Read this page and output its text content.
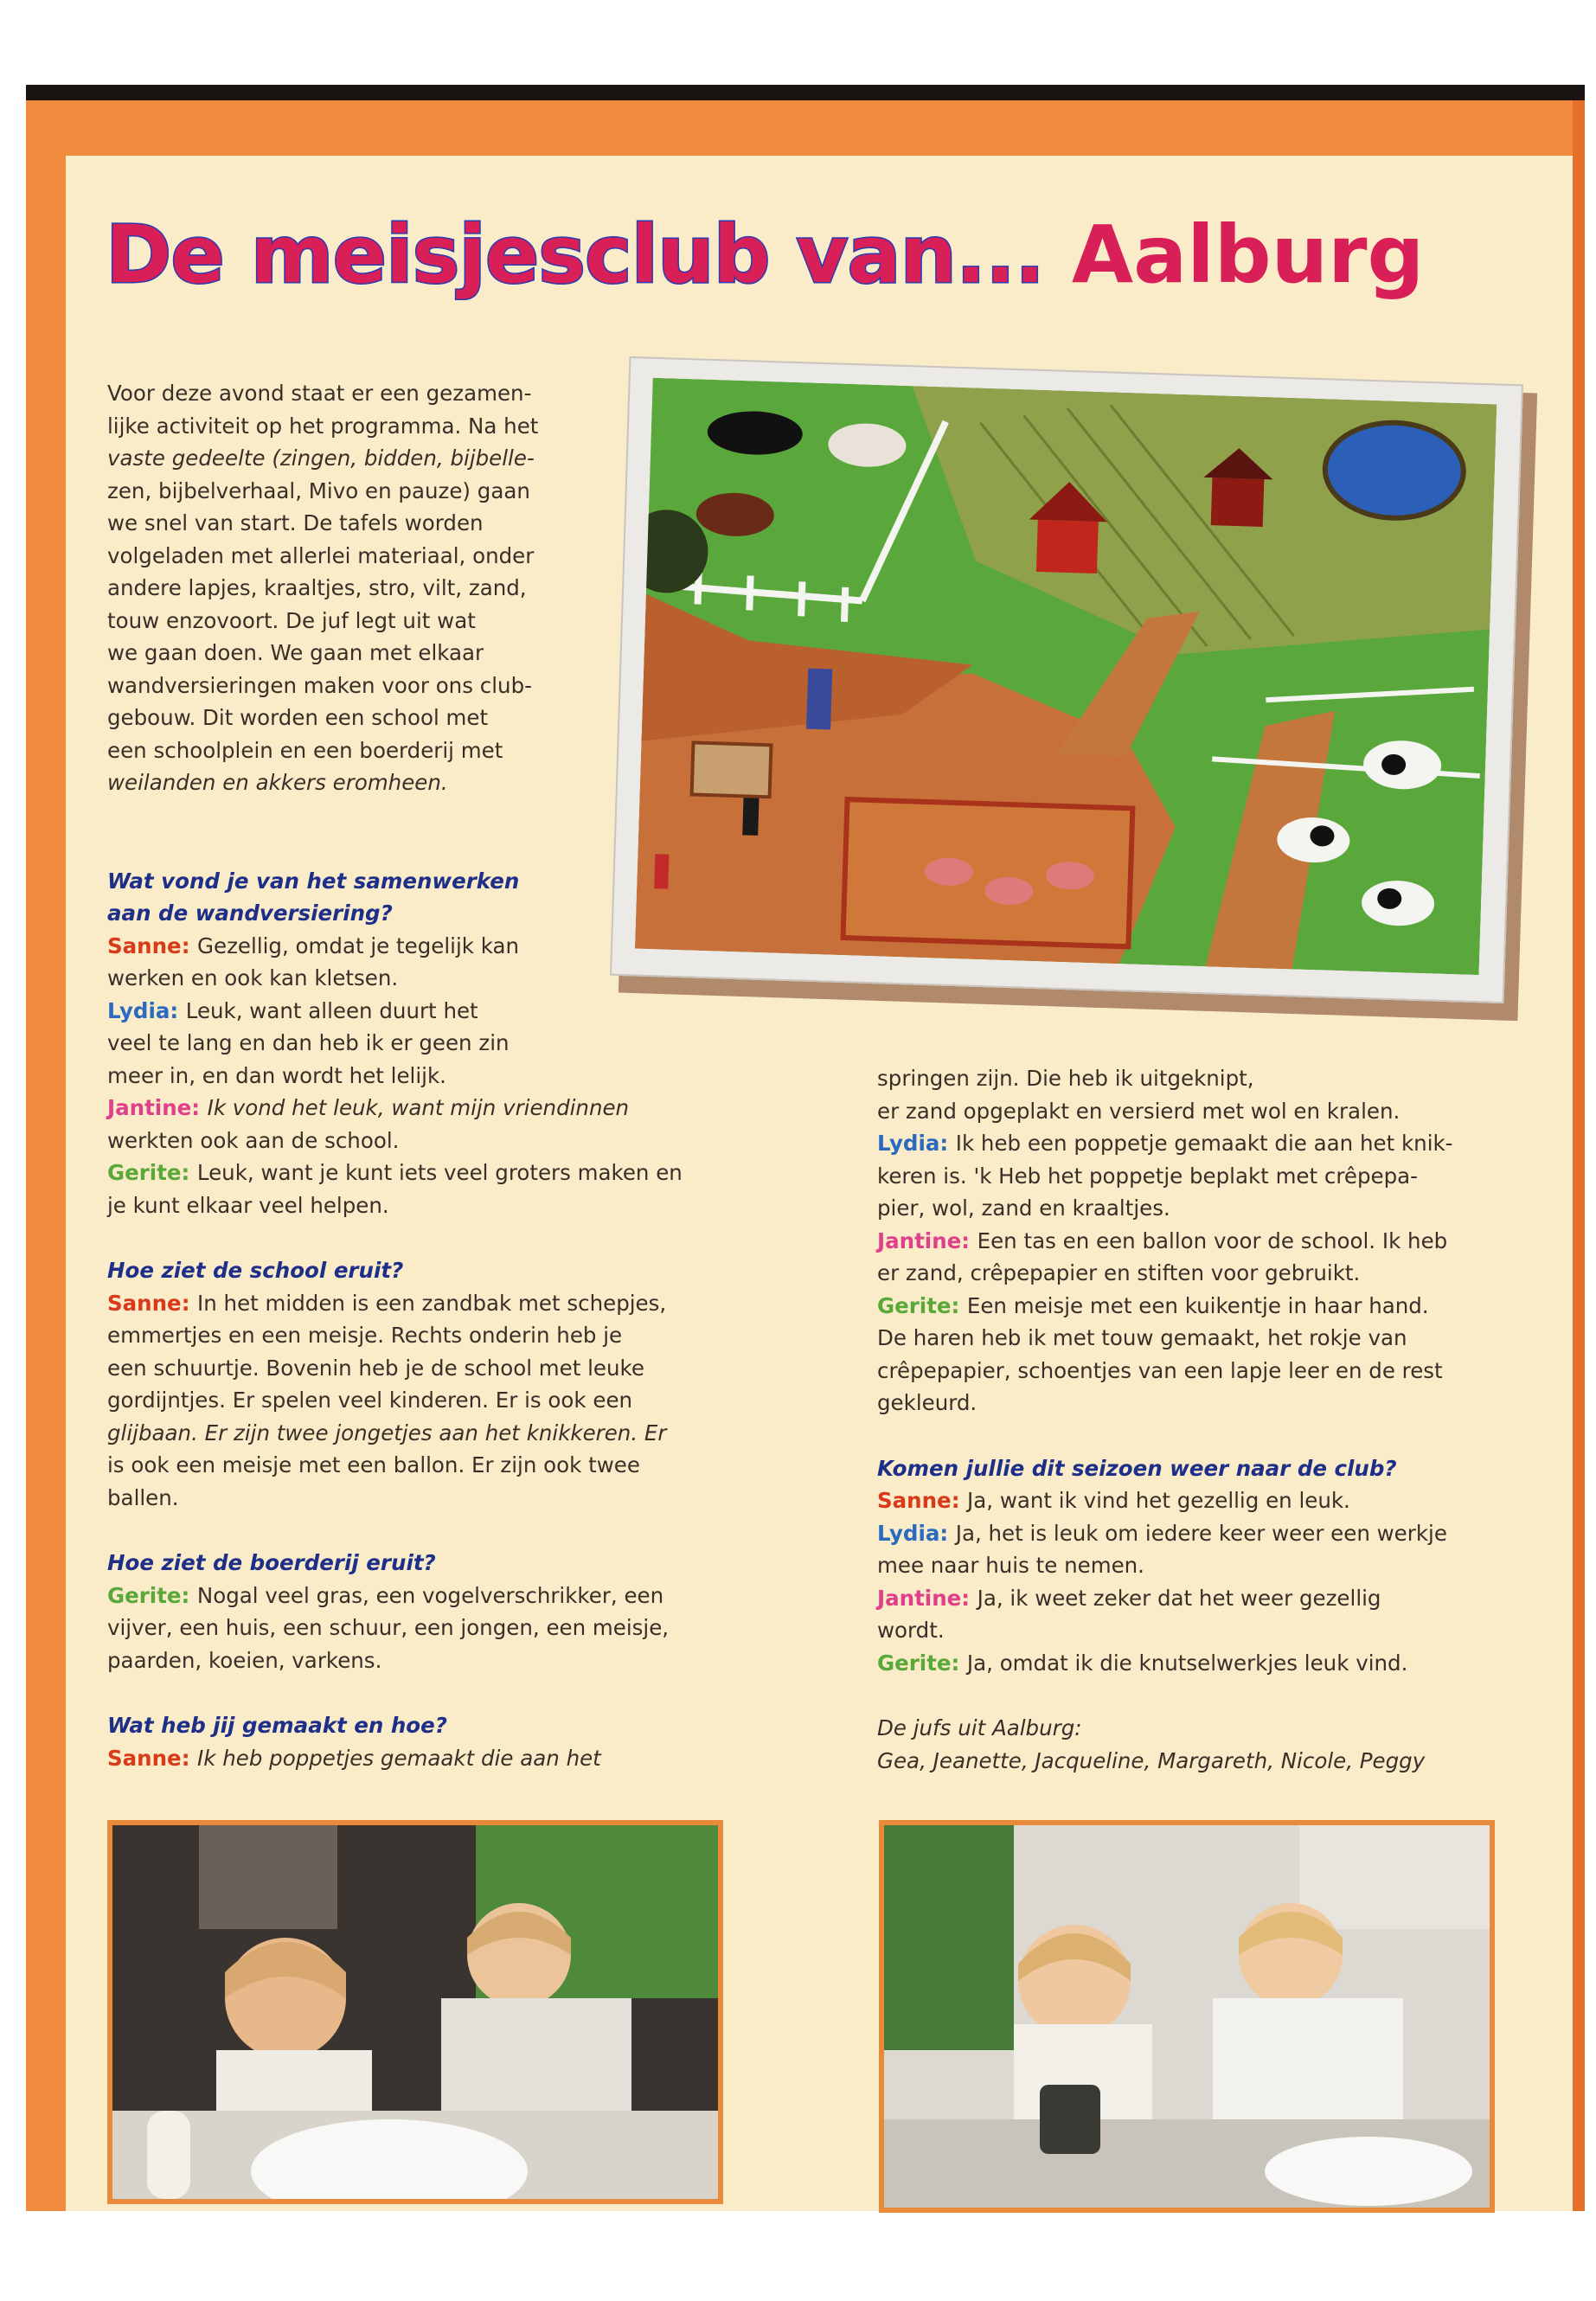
De meisjesclub van... Aalburg

Voor deze avond staat er een gezamen-

lijke activiteit op het programma. Na het

vaste gedeelte (zingen, bidden, bijbelle-

zen, bijbelverhaal, Mivo en pauze) gaan

we snel van start. De tafels worden

volgeladen met allerlei materiaal, onder

andere lapjes, kraaltjes, stro, vilt, zand,

touw enzovoort. De juf legt uit wat

we gaan doen. We gaan met elkaar

wandversieringen maken voor ons club-

gebouw. Dit worden een school met

een schoolplein en een boerderij met

weilanden en akkers eromheen.

Wat vond je van het samenwerken

aan de wandversiering?

Sanne: Gezellig, omdat je tegelijk kan

werken en ook kan kletsen.

Lydia: Leuk, want alleen duurt het

veel te lang en dan heb ik er geen zin

meer in, en dan wordt het lelijk.

Jantine: Ik vond het leuk, want mijn vriendinnen

werkten ook aan de school.

Gerite: Leuk, want je kunt iets veel groters maken en

je kunt elkaar veel helpen.

Hoe ziet de school eruit?

Sanne: In het midden is een zandbak met schepjes,

emmertjes en een meisje. Rechts onderin heb je

een schuurtje. Bovenin heb je de school met leuke

gordijntjes. Er spelen veel kinderen. Er is ook een

glijbaan. Er zijn twee jongetjes aan het knikkeren. Er

is ook een meisje met een ballon. Er zijn ook twee

ballen.

Hoe ziet de boerderij eruit?

Gerite: Nogal veel gras, een vogelverschrikker, een

vijver, een huis, een schuur, een jongen, een meisje,

paarden, koeien, varkens.

Wat heb jij gemaakt en hoe?

Sanne: Ik heb poppetjes gemaakt die aan het

springen zijn. Die heb ik uitgeknipt,

er zand opgeplakt en versierd met wol en kralen.

Lydia: Ik heb een poppetje gemaakt die aan het knik-

keren is. 'k Heb het poppetje beplakt met crêpepa-

pier, wol, zand en kraaltjes.

Jantine: Een tas en een ballon voor de school. Ik heb

er zand, crêpepapier en stiften voor gebruikt.

Gerite: Een meisje met een kuikentje in haar hand.

De haren heb ik met touw gemaakt, het rokje van

crêpepapier, schoentjes van een lapje leer en de rest

gekleurd.

Komen jullie dit seizoen weer naar de club?

Sanne: Ja, want ik vind het gezellig en leuk.

Lydia: Ja, het is leuk om iedere keer weer een werkje

mee naar huis te nemen.

Jantine: Ja, ik weet zeker dat het weer gezellig

wordt.

Gerite: Ja, omdat ik die knutselwerkjes leuk vind.

De jufs uit Aalburg:

Gea, Jeanette, Jacqueline, Margareth, Nicole, Peggy
